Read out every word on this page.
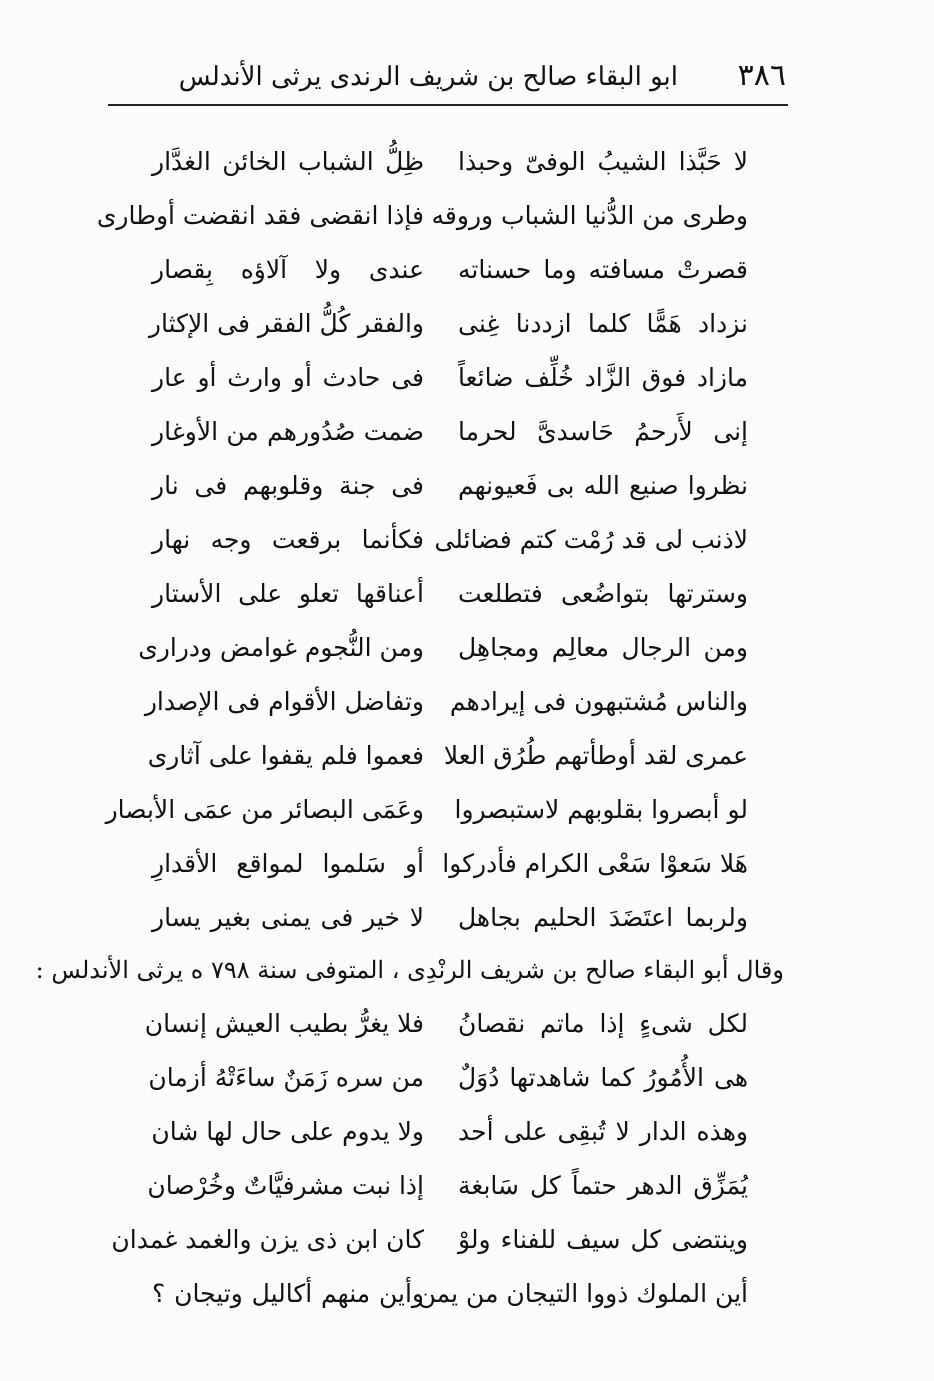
٣٨٦
ابو البقاء صالح بن شريف الرندى يرثى الأندلس
لا حَبَّذا الشيبُ الوفىّ وحبذا
ظِلُّ الشباب الخائن الغدَّار
وطرى من الدُّنيا الشباب وروقه
فإذا انقضى فقد انقضت أوطارى
قصرتْ مسافته وما حسناته
عندى ولا آلاؤه بِقصار
نزداد هَمًّا كلما ازددنا غِنى
والفقر كُلُّ الفقر فى الإكثار
مازاد فوق الزَّاد خُلِّف ضائعاً
فى حادث أو وارث أو عار
إنى لأَرحمُ حَاسدىَّ لحرما
ضمت صُدُورهم من الأوغار
نظروا صنيع الله بى فَعيونهم
فى جنة وقلوبهم فى نار
لاذنب لى قد رُمْت كتم فضائلى
فكأنما برقعت وجه نهار
وسترتها بتواضُعى فتطلعت
أعناقها تعلو على الأستار
ومن الرجال معالِم ومجاهِل
ومن النُّجوم غوامض ودرارى
والناس مُشتبهون فى إيرادهم
وتفاضل الأقوام فى الإصدار
عمرى لقد أوطأتهم طُرُق العلا
فعموا فلم يقفوا على آثارى
لو أبصروا بقلوبهم لاستبصروا
وعَمَى البصائر من عمَى الأبصار
هَلا سَعوْا سَعْى الكرام فأدركوا
أو سَلموا لمواقع الأقدارِ
ولربما اعتَضَدَ الحليم بجاهل
لا خير فى يمنى بغير يسار
وقال أبو البقاء صالح بن شريف الرنْدِى ، المتوفى سنة ٧٩٨ ه يرثى الأندلس :
لكل شىءٍ إذا ماتم نقصانُ
فلا يغرُّ بطيب العيش إنسان
هى الأُمُورُ كما شاهدتها دُوَلٌ
من سره زَمَنٌ ساءَتْهُ أزمان
وهذه الدار لا تُبقِى على أحد
ولا يدوم على حال لها شان
يُمَزِّق الدهر حتماً كل سَابغة
إذا نبت مشرفيَّاتٌ وخُرْصان
وينتضى كل سيف للفناء ولوْ
كان ابن ذى يزن والغمد غمدان
أين الملوك ذووا التيجان من يمن
وأين منهم أكاليل وتيجان ؟
